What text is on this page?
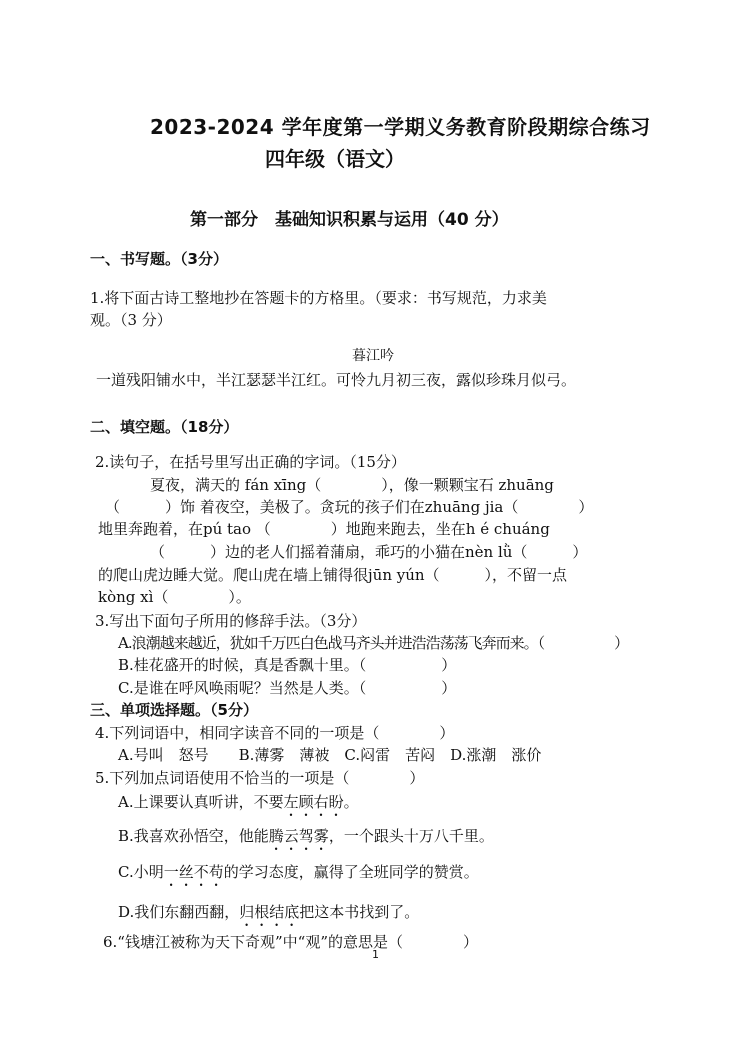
2023-2024 学年度第一学期义务教育阶段期综合练习
四年级（语文）
第一部分　基础知识积累与运用（40 分）
一、书写题。（3分）
1.将下面古诗工整地抄在答题卡的方格里。（要求：书写规范，力求美
观。（3 分）
暮江吟
一道残阳铺水中，半江瑟瑟半江红。可怜九月初三夜，露似珍珠月似弓。
二、填空题。（18分）
2.读句子，在括号里写出正确的字词。（15分）
夏夜，满天的 fán xīng（　　　　），像一颗颗宝石 zhuāng
（　　　）饰 着夜空，美极了。贪玩的孩子们在zhuāng jia（　　　　）
地里奔跑着，在pú tao （　　　　）地跑来跑去，坐在h é chuáng
（　　　）边的老人们摇着蒲扇，乖巧的小猫在nèn lǜ（　　　）
的爬山虎边睡大觉。爬山虎在墙上铺得很jūn yún（　　　），不留一点
kòng xì（　　　　）。
3.写出下面句子所用的修辞手法。（3分）
A.浪潮越来越近，犹如千万匹白色战马齐头并进浩浩荡荡飞奔而来。（　　　　　）
B.桂花盛开的时候，真是香飘十里。（　　　　　）
C.是谁在呼风唤雨呢？当然是人类。（　　　　　）
三、单项选择题。（5分）
4.下列词语中，相同字读音不同的一项是（　　　　）
A.号叫　怒号　　B.薄雾　薄被　C.闷雷　苦闷　D.涨潮　涨价
5.下列加点词语使用不恰当的一项是（　　　　）
A.上课要认真听讲，不要左顾右盼。
B.我喜欢孙悟空，他能腾云驾雾，一个跟头十万八千里。
C.小明一丝不苟的学习态度，赢得了全班同学的赞赏。
D.我们东翻西翻，归根结底把这本书找到了。
6.“钱塘江被称为天下奇观”中“观”的意思是（　　　　）
1
